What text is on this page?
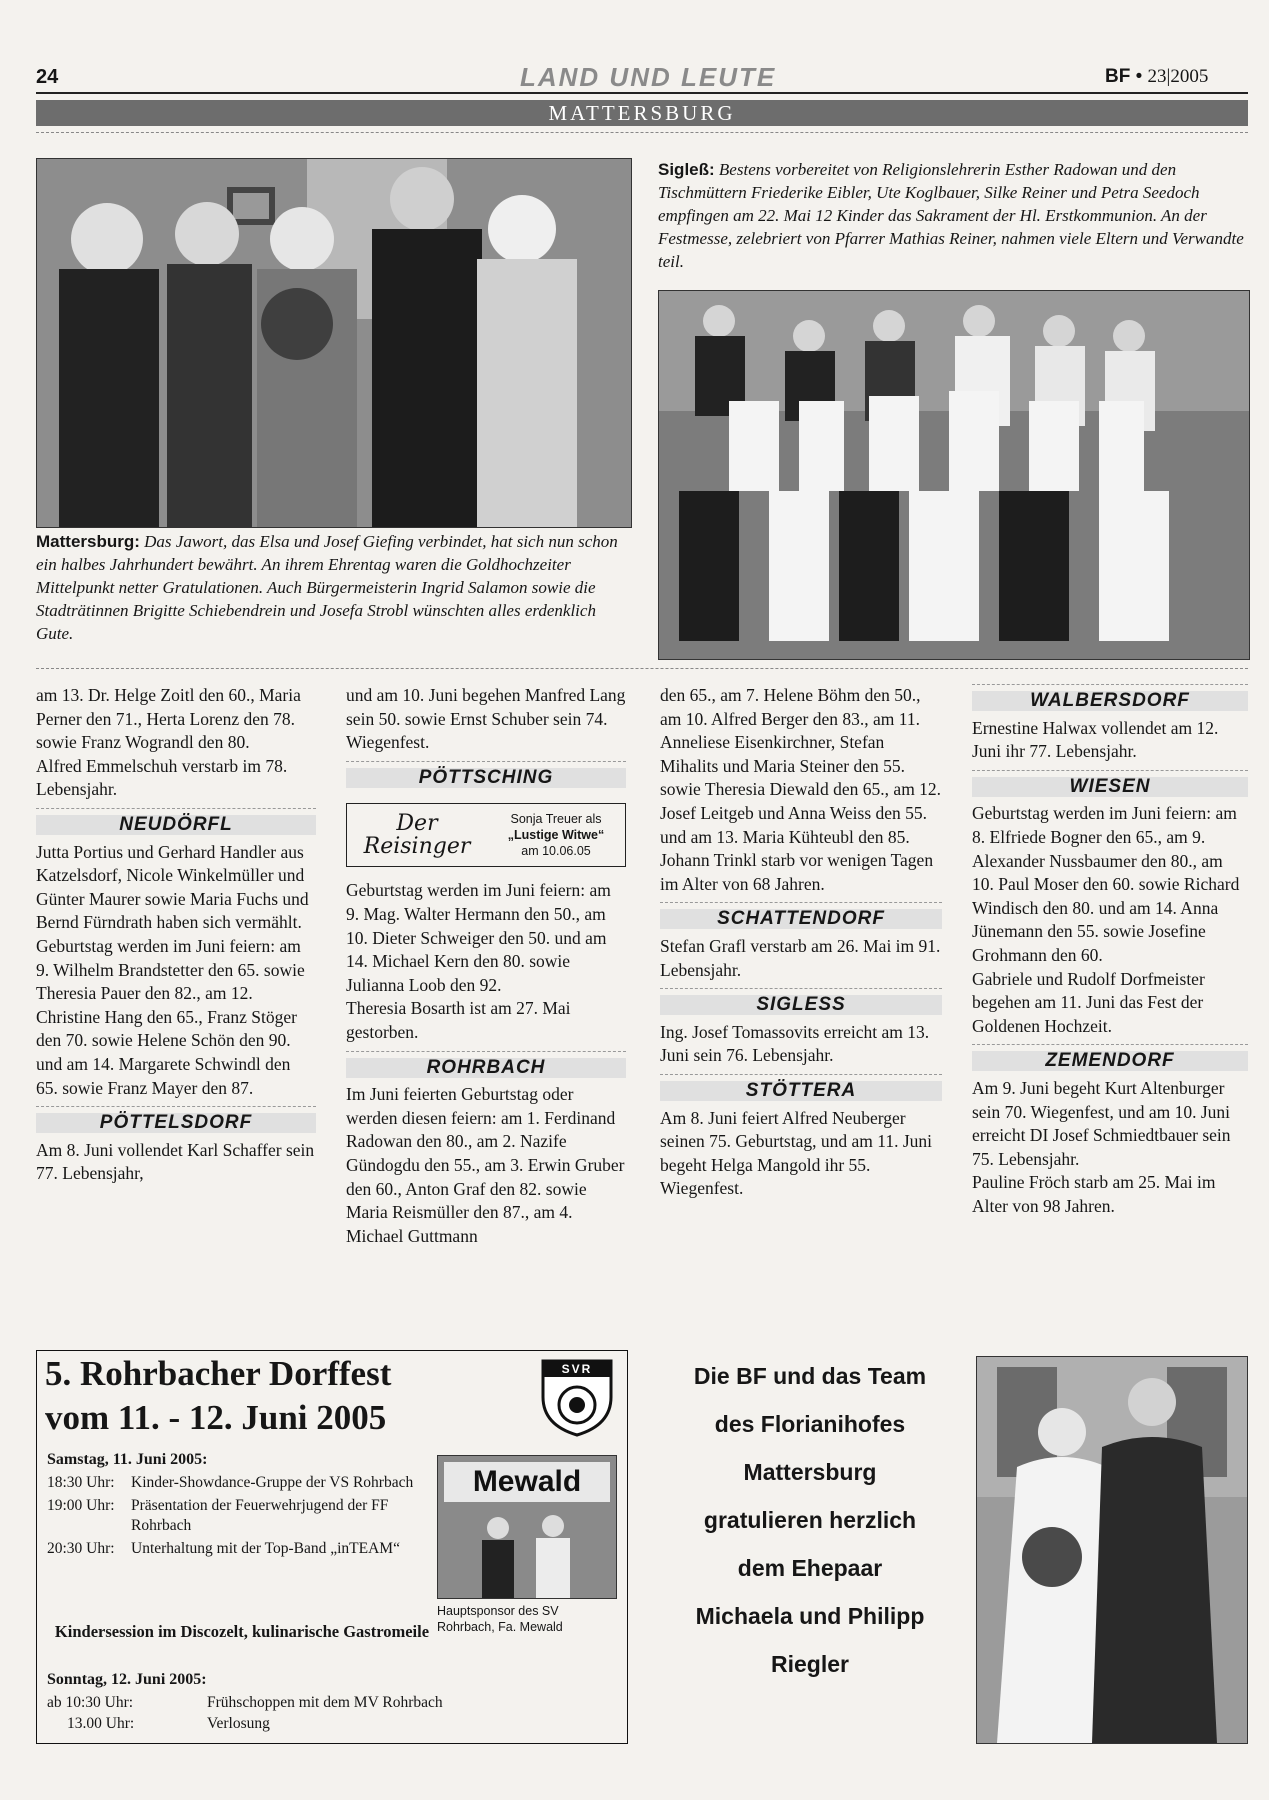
24	LAND UND LEUTE	BF • 23|2005
MATTERSBURG
Mattersburg: Das Jawort, das Elsa und Josef Giefing verbindet, hat sich nun schon ein halbes Jahrhundert bewährt. An ihrem Ehrentag waren die Goldhochzeiter Mittelpunkt netter Gratulationen. Auch Bürgermeisterin Ingrid Salamon sowie die Stadträtinnen Brigitte Schiebendrein und Josefa Strobl wünschten alles erdenklich Gute.
Sigleß: Bestens vorbereitet von Religionslehrerin Esther Radowan und den Tischmüttern Friederike Eibler, Ute Koglbauer, Silke Reiner und Petra Seedoch empfingen am 22. Mai 12 Kinder das Sakrament der Hl. Erstkommunion. An der Festmesse, zelebriert von Pfarrer Mathias Reiner, nahmen viele Eltern und Verwandte teil.

am 13. Dr. Helge Zoitl den 60., Maria Perner den 71., Herta Lorenz den 78. sowie Franz Wograndl den 80.

Alfred Emmelschuh verstarb im 78. Lebensjahr.

NEUDÖRFL

Jutta Portius und Gerhard Handler aus Katzelsdorf, Nicole Winkelmüller und Günter Maurer sowie Maria Fuchs und Bernd Fürndrath haben sich vermählt.

Geburtstag werden im Juni feiern: am 9. Wilhelm Brandstetter den 65. sowie Theresia Pauer den 82., am 12. Christine Hang den 65., Franz Stöger den 70. sowie Helene Schön den 90. und am 14. Margarete Schwindl den 65. sowie Franz Mayer den 87.

PÖTTELSDORF

Am 8. Juni vollendet Karl Schaffer sein 77. Lebensjahr,

und am 10. Juni begehen Manfred Lang sein 50. sowie Ernst Schuber sein 74. Wiegenfest.

PÖTTSCHING
Der Reisinger
Sonja Treuer als
„Lustige Witwe“
am 10.06.05

Geburtstag werden im Juni feiern: am 9. Mag. Walter Hermann den 50., am 10. Dieter Schweiger den 50. und am 14. Michael Kern den 80. sowie Julianna Loob den 92.

Theresia Bosarth ist am 27. Mai gestorben.

ROHRBACH

Im Juni feierten Geburtstag oder werden diesen feiern: am 1. Ferdinand Radowan den 80., am 2. Nazife Gündogdu den 55., am 3. Erwin Gruber den 60., Anton Graf den 82. sowie Maria Reismüller den 87., am 4. Michael Guttmann

den 65., am 7. Helene Böhm den 50., am 10. Alfred Berger den 83., am 11. Anneliese Eisenkirchner, Stefan Mihalits und Maria Steiner den 55. sowie Theresia Diewald den 65., am 12. Josef Leitgeb und Anna Weiss den 55. und am 13. Maria Kühteubl den 85.

Johann Trinkl starb vor wenigen Tagen im Alter von 68 Jahren.

SCHATTENDORF

Stefan Grafl verstarb am 26. Mai im 91. Lebensjahr.

SIGLESS

Ing. Josef Tomassovits erreicht am 13. Juni sein 76. Lebensjahr.

STÖTTERA

Am 8. Juni feiert Alfred Neuberger seinen 75. Geburtstag, und am 11. Juni begeht Helga Mangold ihr 55. Wiegenfest.

WALBERSDORF

Ernestine Halwax vollendet am 12. Juni ihr 77. Lebensjahr.

WIESEN

Geburtstag werden im Juni feiern: am 8. Elfriede Bogner den 65., am 9. Alexander Nussbaumer den 80., am 10. Paul Moser den 60. sowie Richard Windisch den 80. und am 14. Anna Jünemann den 55. sowie Josefine Grohmann den 60.

Gabriele und Rudolf Dorfmeister begehen am 11. Juni das Fest der Goldenen Hochzeit.

ZEMENDORF

Am 9. Juni begeht Kurt Altenburger sein 70. Wiegenfest, und am 10. Juni erreicht DI Josef Schmiedtbauer sein 75. Lebensjahr.

Pauline Fröch starb am 25. Mai im Alter von 98 Jahren.

5. Rohrbacher Dorffest
vom 11. - 12. Juni 2005
SVR
Mewald
Hauptsponsor des SV Rohrbach, Fa. Mewald
Samstag, 11. Juni 2005:
18:30 Uhr:	Kinder-Showdance-Gruppe der VS Rohrbach
19:00 Uhr:	Präsentation der Feuerwehrjugend der FF Rohrbach
20:30 Uhr:	Unterhaltung mit der Top-Band „inTEAM“
Kindersession im Discozelt, kulinarische Gastromeile
Sonntag, 12. Juni 2005:
ab 10:30 Uhr:	Frühschoppen mit dem MV Rohrbach
13.00 Uhr:	Verlosung
Die BF und das Team
des Florianihofes
Mattersburg
gratulieren herzlich
dem Ehepaar
Michaela und Philipp
Riegler
